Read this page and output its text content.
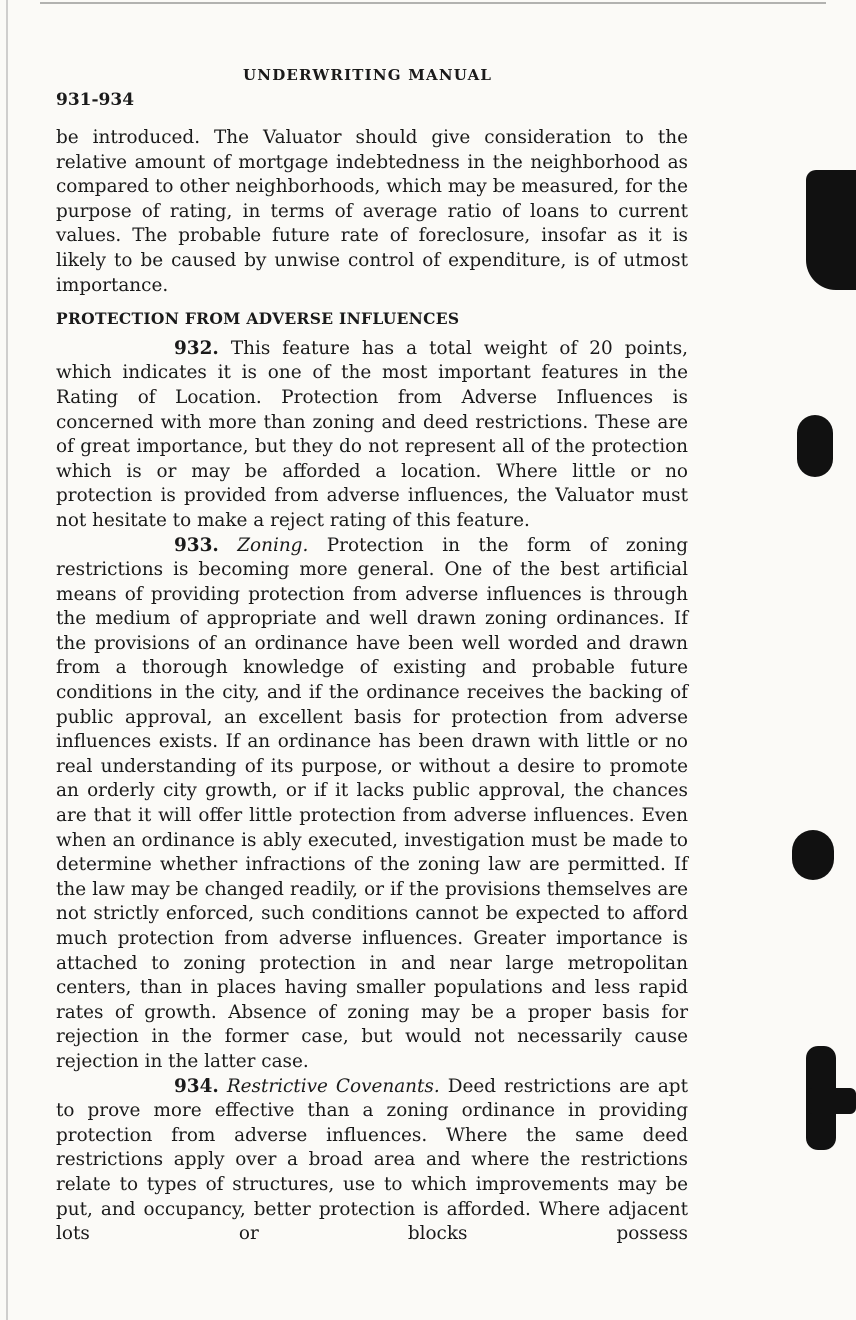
UNDERWRITING MANUAL
931-934

be introduced. The Valuator should give consideration to the relative amount of mortgage indebtedness in the neighborhood as compared to other neighborhoods, which may be measured, for the purpose of rating, in terms of average ratio of loans to current values. The probable future rate of foreclosure, insofar as it is likely to be caused by unwise control of expenditure, is of utmost importance.

PROTECTION FROM ADVERSE INFLUENCES

932. This feature has a total weight of 20 points, which indicates it is one of the most important features in the Rating of Location. Protection from Adverse Influences is concerned with more than zoning and deed restrictions. These are of great importance, but they do not represent all of the protection which is or may be afforded a location. Where little or no protection is provided from adverse influences, the Valuator must not hesitate to make a reject rating of this feature.

933. Zoning. Protection in the form of zoning restrictions is becoming more general. One of the best artificial means of providing protection from adverse influences is through the medium of appropriate and well drawn zoning ordinances. If the provisions of an ordinance have been well worded and drawn from a thorough knowledge of existing and probable future conditions in the city, and if the ordinance receives the backing of public approval, an excellent basis for protection from adverse influences exists. If an ordinance has been drawn with little or no real understanding of its purpose, or without a desire to promote an orderly city growth, or if it lacks public approval, the chances are that it will offer little protection from adverse influences. Even when an ordinance is ably executed, investigation must be made to determine whether infractions of the zoning law are permitted. If the law may be changed readily, or if the provisions themselves are not strictly enforced, such conditions cannot be expected to afford much protection from adverse influences. Greater importance is attached to zoning protection in and near large metropolitan centers, than in places having smaller populations and less rapid rates of growth. Absence of zoning may be a proper basis for rejection in the former case, but would not necessarily cause rejection in the latter case.

934. Restrictive Covenants. Deed restrictions are apt to prove more effective than a zoning ordinance in providing protection from adverse influences. Where the same deed restrictions apply over a broad area and where the restrictions relate to types of structures, use to which improvements may be put, and occupancy, better protection is afforded. Where adjacent lots or blocks possess
